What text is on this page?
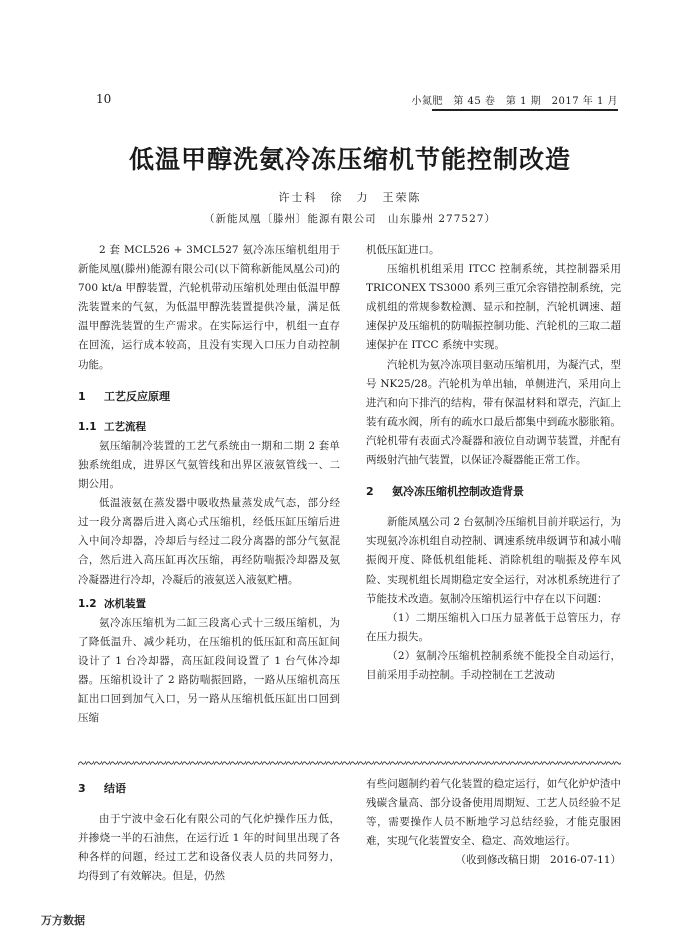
10	小氮肥　第 45 卷　第 1 期　2017 年 1 月
低温甲醇洗氨冷冻压缩机节能控制改造
许士科　徐　力　王荣陈
（新能凤凰〔滕州〕能源有限公司　山东滕州 277527）

2 套 MCL526 + 3MCL527 氨冷冻压缩机组用于新能凤凰(滕州)能源有限公司(以下简称新能凤凰公司)的 700 kt/a 甲醇装置，汽轮机带动压缩机处理由低温甲醇洗装置来的气氨，为低温甲醇洗装置提供冷量，满足低温甲醇洗装置的生产需求。在实际运行中，机组一直存在回流，运行成本较高，且没有实现入口压力自动控制功能。

1 工艺反应原理
1.1 工艺流程

氨压缩制冷装置的工艺气系统由一期和二期 2 套单独系统组成，进界区气氨管线和出界区液氨管线一、二期公用。

低温液氨在蒸发器中吸收热量蒸发成气态，部分经过一段分离器后进入离心式压缩机，经低压缸压缩后进入中间冷却器，冷却后与经过二段分离器的部分气氨混合，然后进入高压缸再次压缩，再经防喘振冷却器及氨冷凝器进行冷却，冷凝后的液氨送入液氨贮槽。

1.2 冰机装置

氨冷冻压缩机为二缸三段离心式十三级压缩机，为了降低温升、减少耗功，在压缩机的低压缸和高压缸间设计了 1 台冷却器，高压缸段间设置了 1 台气体冷却器。压缩机设计了 2 路防喘振回路，一路从压缩机高压缸出口回到加气入口，另一路从压缩机低压缸出口回到压缩

机低压缸进口。

压缩机机组采用 ITCC 控制系统，其控制器采用 TRICONEX TS3000 系列三重冗余容错控制系统，完成机组的常规参数检测、显示和控制，汽轮机调速、超速保护及压缩机的防喘振控制功能、汽轮机的三取二超速保护在 ITCC 系统中实现。

汽轮机为氨冷冻项目驱动压缩机用，为凝汽式，型号 NK25/28。汽轮机为单出轴，单侧进汽，采用向上进汽和向下排汽的结构，带有保温材料和罩壳，汽缸上装有疏水阀，所有的疏水口最后都集中到疏水膨胀箱。汽轮机带有表面式冷凝器和液位自动调节装置，并配有两级射汽抽气装置，以保证冷凝器能正常工作。

2 氨冷冻压缩机控制改造背景

新能凤凰公司 2 台氨制冷压缩机目前并联运行，为实现氨冷冻机组自动控制、调速系统串级调节和减小喘振阀开度、降低机组能耗、消除机组的喘振及停车风险、实现机组长周期稳定安全运行，对冰机系统进行了节能技术改造。氨制冷压缩机运行中存在以下问题：

（1）二期压缩机入口压力显著低于总管压力，存在压力损失。

（2）氨制冷压缩机控制系统不能投全自动运行，目前采用手动控制。手动控制在工艺波动

3 结语

由于宁波中金石化有限公司的气化炉操作压力低，并掺烧一半的石油焦，在运行近 1 年的时间里出现了各种各样的问题，经过工艺和设备仪表人员的共同努力，均得到了有效解决。但是，仍然

有些问题制约着气化装置的稳定运行，如气化炉炉渣中残碳含量高、部分设备使用周期短、工艺人员经验不足等，需要操作人员不断地学习总结经验，才能克服困难，实现气化装置安全、稳定、高效地运行。

（收到修改稿日期　2016-07-11）

万方数据
